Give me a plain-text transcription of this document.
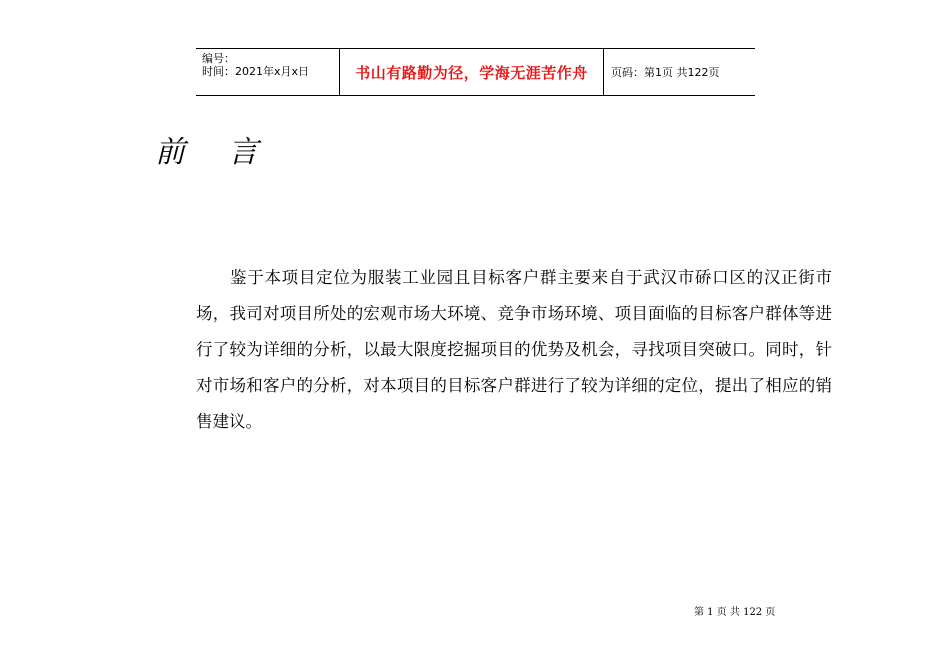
编号：
时间：2021年x月x日	书山有路勤为径，学海无涯苦作舟	页码：第1页 共122页
前言
鉴于本项目定位为服装工业园且目标客户群主要来自于武汉市硚口区的汉正街市场，我司对项目所处的宏观市场大环境、竞争市场环境、项目面临的目标客户群体等进行了较为详细的分析，以最大限度挖掘项目的优势及机会，寻找项目突破口。同时，针对市场和客户的分析，对本项目的目标客户群进行了较为详细的定位，提出了相应的销售建议。
第 1 页 共 122 页
